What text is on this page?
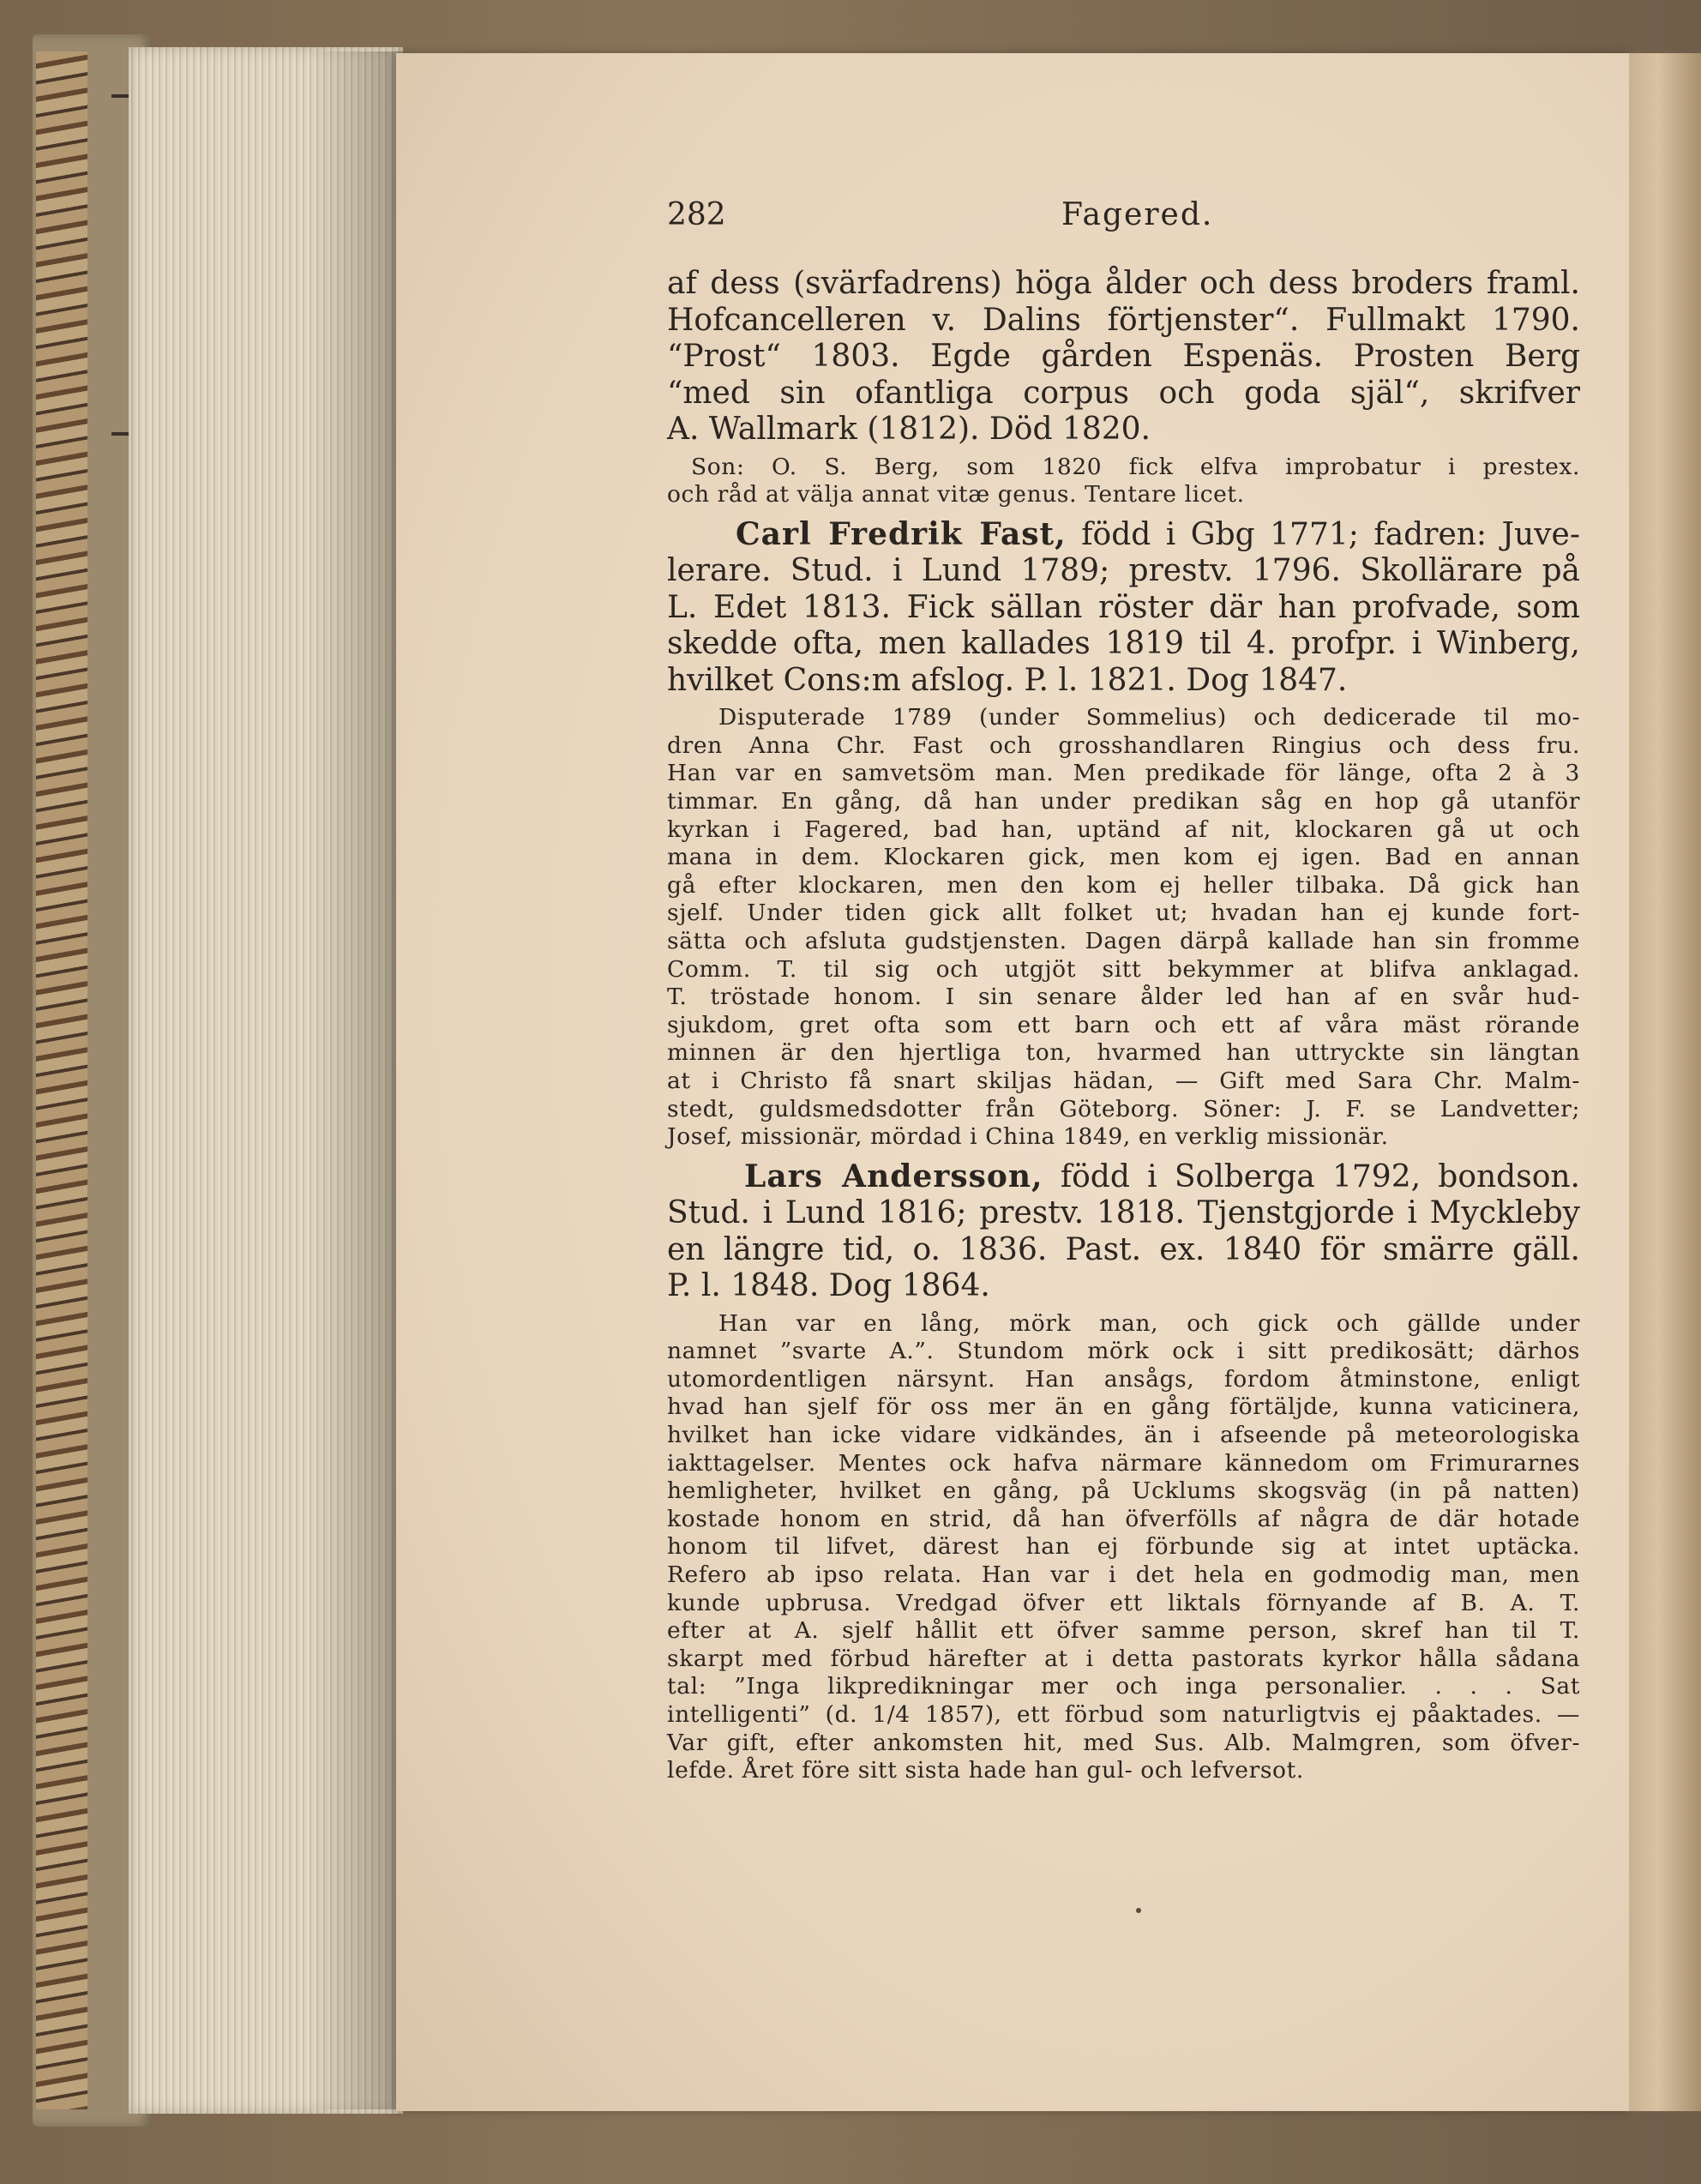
282	Fagered.

af dess (svärfadrens) höga ålder och dess broders framl.
Hofcancelleren v. Dalins förtjenster“. Fullmakt 1790.
“Prost“ 1803. Egde gården Espenäs. Prosten Berg
“med sin ofantliga corpus och goda själ“, skrifver
A. Wallmark (1812). Död 1820.

Son: O. S. Berg, som 1820 fick elfva improbatur i prestex.
och råd at välja annat vitæ genus. Tentare licet.

Carl Fredrik Fast, född i Gbg 1771; fadren: Juve-
lerare. Stud. i Lund 1789; prestv. 1796. Skollärare på
L. Edet 1813. Fick sällan röster där han profvade, som
skedde ofta, men kallades 1819 til 4. profpr. i Winberg,
hvilket Cons:m afslog. P. l. 1821. Dog 1847.

Disputerade 1789 (under Sommelius) och dedicerade til mo-
dren Anna Chr. Fast och grosshandlaren Ringius och dess fru.
Han var en samvetsöm man. Men predikade för länge, ofta 2 à 3
timmar. En gång, då han under predikan såg en hop gå utanför
kyrkan i Fagered, bad han, uptänd af nit, klockaren gå ut och
mana in dem. Klockaren gick, men kom ej igen. Bad en annan
gå efter klockaren, men den kom ej heller tilbaka. Då gick han
sjelf. Under tiden gick allt folket ut; hvadan han ej kunde fort-
sätta och afsluta gudstjensten. Dagen därpå kallade han sin fromme
Comm. T. til sig och utgjöt sitt bekymmer at blifva anklagad.
T. tröstade honom. I sin senare ålder led han af en svår hud-
sjukdom, gret ofta som ett barn och ett af våra mäst rörande
minnen är den hjertliga ton, hvarmed han uttryckte sin längtan
at i Christo få snart skiljas hädan, — Gift med Sara Chr. Malm-
stedt, guldsmedsdotter från Göteborg. Söner: J. F. se Landvetter;
Josef, missionär, mördad i China 1849, en verklig missionär.

Lars Andersson, född i Solberga 1792, bondson.
Stud. i Lund 1816; prestv. 1818. Tjenstgjorde i Myckleby
en längre tid, o. 1836. Past. ex. 1840 för smärre gäll.
P. l. 1848. Dog 1864.

Han var en lång, mörk man, och gick och gällde under
namnet ”svarte A.”. Stundom mörk ock i sitt predikosätt; därhos
utomordentligen närsynt. Han ansågs, fordom åtminstone, enligt
hvad han sjelf för oss mer än en gång förtäljde, kunna vaticinera,
hvilket han icke vidare vidkändes, än i afseende på meteorologiska
iakttagelser. Mentes ock hafva närmare kännedom om Frimurarnes
hemligheter, hvilket en gång, på Ucklums skogsväg (in på natten)
kostade honom en strid, då han öfverfölls af några de där hotade
honom til lifvet, därest han ej förbunde sig at intet uptäcka.
Refero ab ipso relata. Han var i det hela en godmodig man, men
kunde upbrusa. Vredgad öfver ett liktals förnyande af B. A. T.
efter at A. sjelf hållit ett öfver samme person, skref han til T.
skarpt med förbud härefter at i detta pastorats kyrkor hålla sådana
tal: ”Inga likpredikningar mer och inga personalier. . . . Sat
intelligenti” (d. 1/4 1857), ett förbud som naturligtvis ej påaktades. —
Var gift, efter ankomsten hit, med Sus. Alb. Malmgren, som öfver-
lefde. Året före sitt sista hade han gul- och lefversot.
